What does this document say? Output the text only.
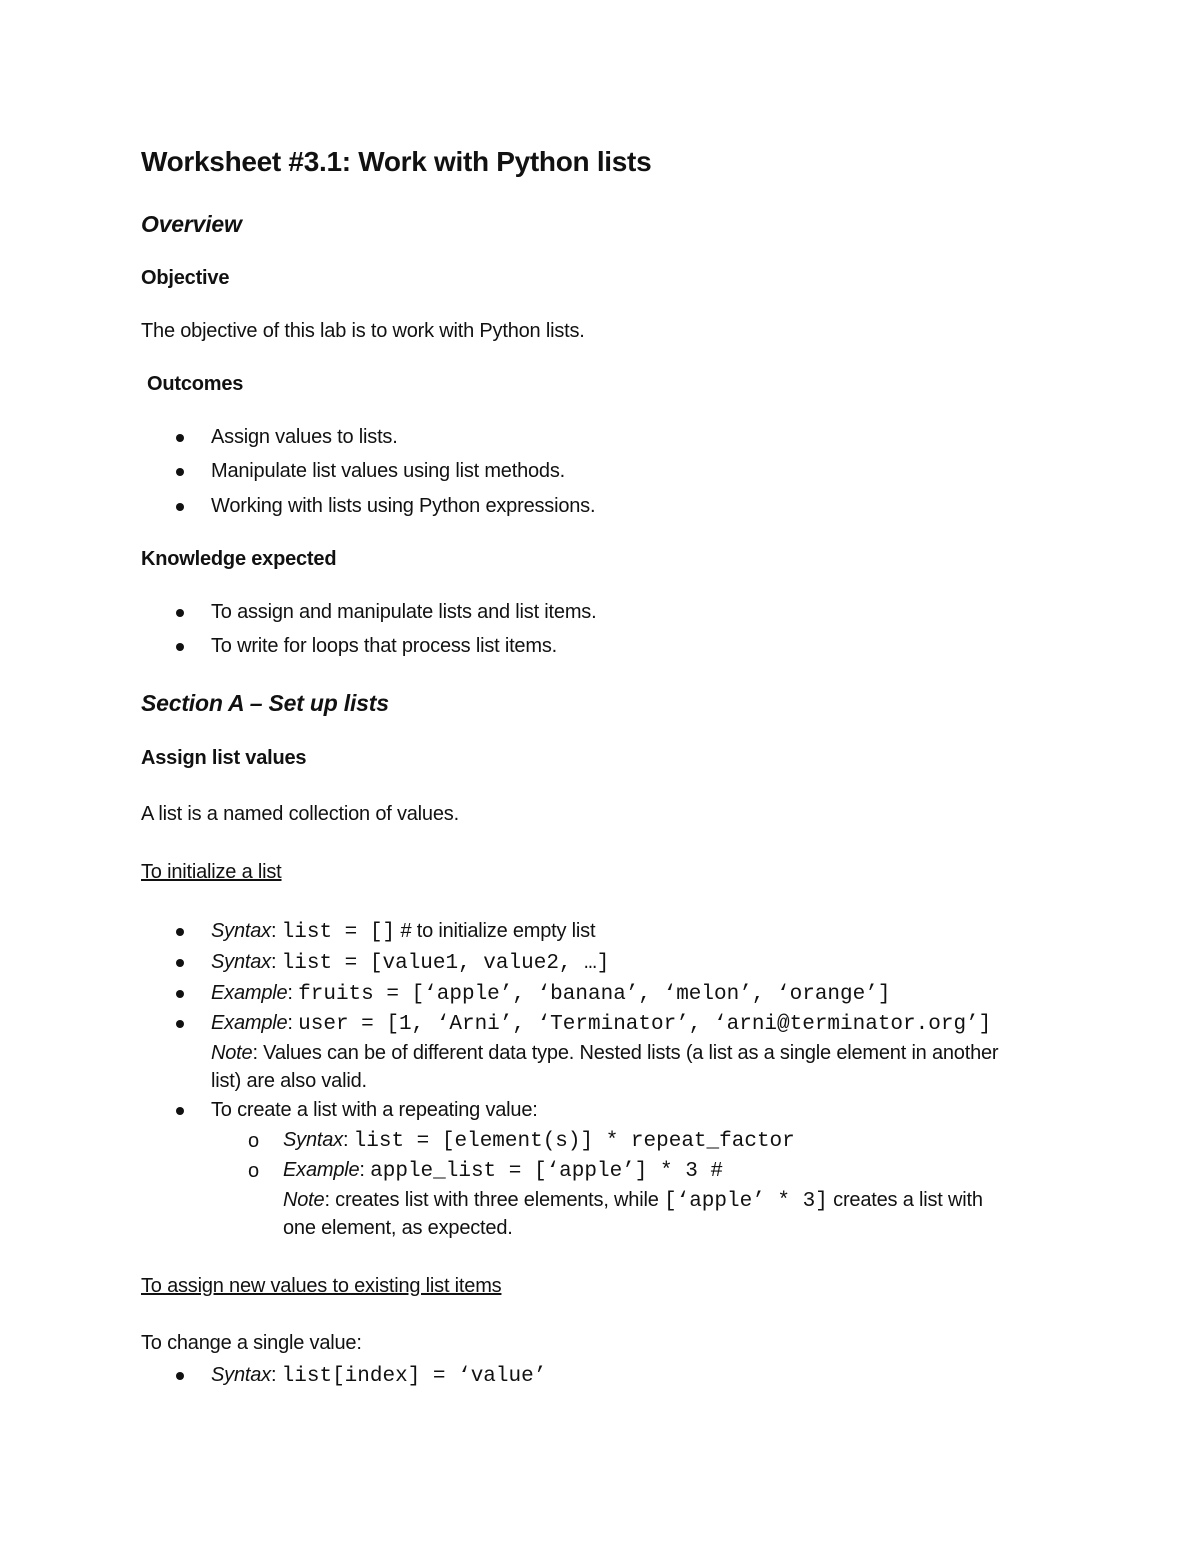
Worksheet #3.1: Work with Python lists
Overview
Objective
The objective of this lab is to work with Python lists.
Outcomes
Assign values to lists.
Manipulate list values using list methods.
Working with lists using Python expressions.
Knowledge expected
To assign and manipulate lists and list items.
To write for loops that process list items.
Section A – Set up lists
Assign list values
A list is a named collection of values.
To initialize a list
Syntax: list = [] # to initialize empty list
Syntax: list = [value1, value2, …]
Example: fruits = [‘apple’, ‘banana’, ‘melon’, ‘orange’]
Example: user = [1, ‘Arni’, ‘Terminator’, ‘arni@terminator.org’]
Note: Values can be of different data type. Nested lists (a list as a single element in another
list) are also valid.
To create a list with a repeating value:
o Syntax: list = [element(s)] * repeat_factor
o Example: apple_list = [‘apple’] * 3 #
Note: creates list with three elements, while [‘apple’ * 3] creates a list with
one element, as expected.
To assign new values to existing list items
To change a single value:
Syntax: list[index] = ‘value’
